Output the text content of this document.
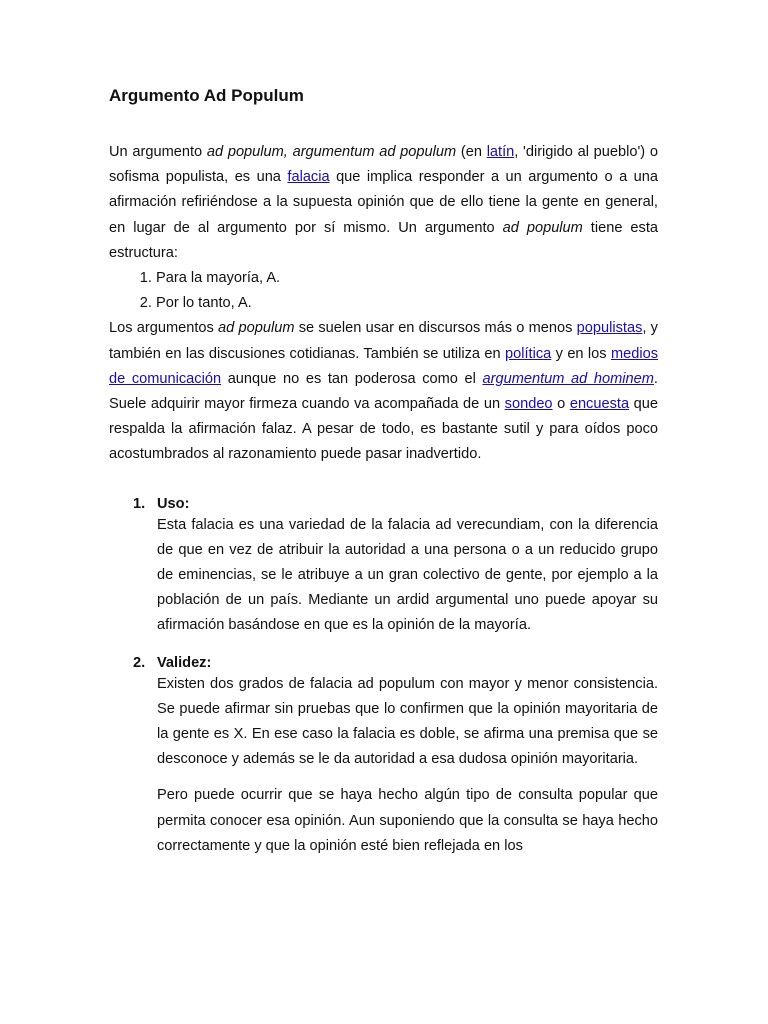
Argumento Ad Populum

Un argumento ad populum, argumentum ad populum (en latín, 'dirigido al pueblo') o sofisma populista, es una falacia que implica responder a un argumento o a una afirmación refiriéndose a la supuesta opinión que de ello tiene la gente en general, en lugar de al argumento por sí mismo. Un argumento ad populum tiene esta estructura:

1. Para la mayoría, A.
2. Por lo tanto, A.

Los argumentos ad populum se suelen usar en discursos más o menos populistas, y también en las discusiones cotidianas. También se utiliza en política y en los medios de comunicación aunque no es tan poderosa como el argumentum ad hominem. Suele adquirir mayor firmeza cuando va acompañada de un sondeo o encuesta que respalda la afirmación falaz. A pesar de todo, es bastante sutil y para oídos poco acostumbrados al razonamiento puede pasar inadvertido.

1. Uso:

Esta falacia es una variedad de la falacia ad verecundiam, con la diferencia de que en vez de atribuir la autoridad a una persona o a un reducido grupo de eminencias, se le atribuye a un gran colectivo de gente, por ejemplo a la población de un país. Mediante un ardid argumental uno puede apoyar su afirmación basándose en que es la opinión de la mayoría.

2. Validez:

Existen dos grados de falacia ad populum con mayor y menor consistencia. Se puede afirmar sin pruebas que lo confirmen que la opinión mayoritaria de la gente es X. En ese caso la falacia es doble, se afirma una premisa que se desconoce y además se le da autoridad a esa dudosa opinión mayoritaria.

Pero puede ocurrir que se haya hecho algún tipo de consulta popular que permita conocer esa opinión. Aun suponiendo que la consulta se haya hecho correctamente y que la opinión esté bien reflejada en los
